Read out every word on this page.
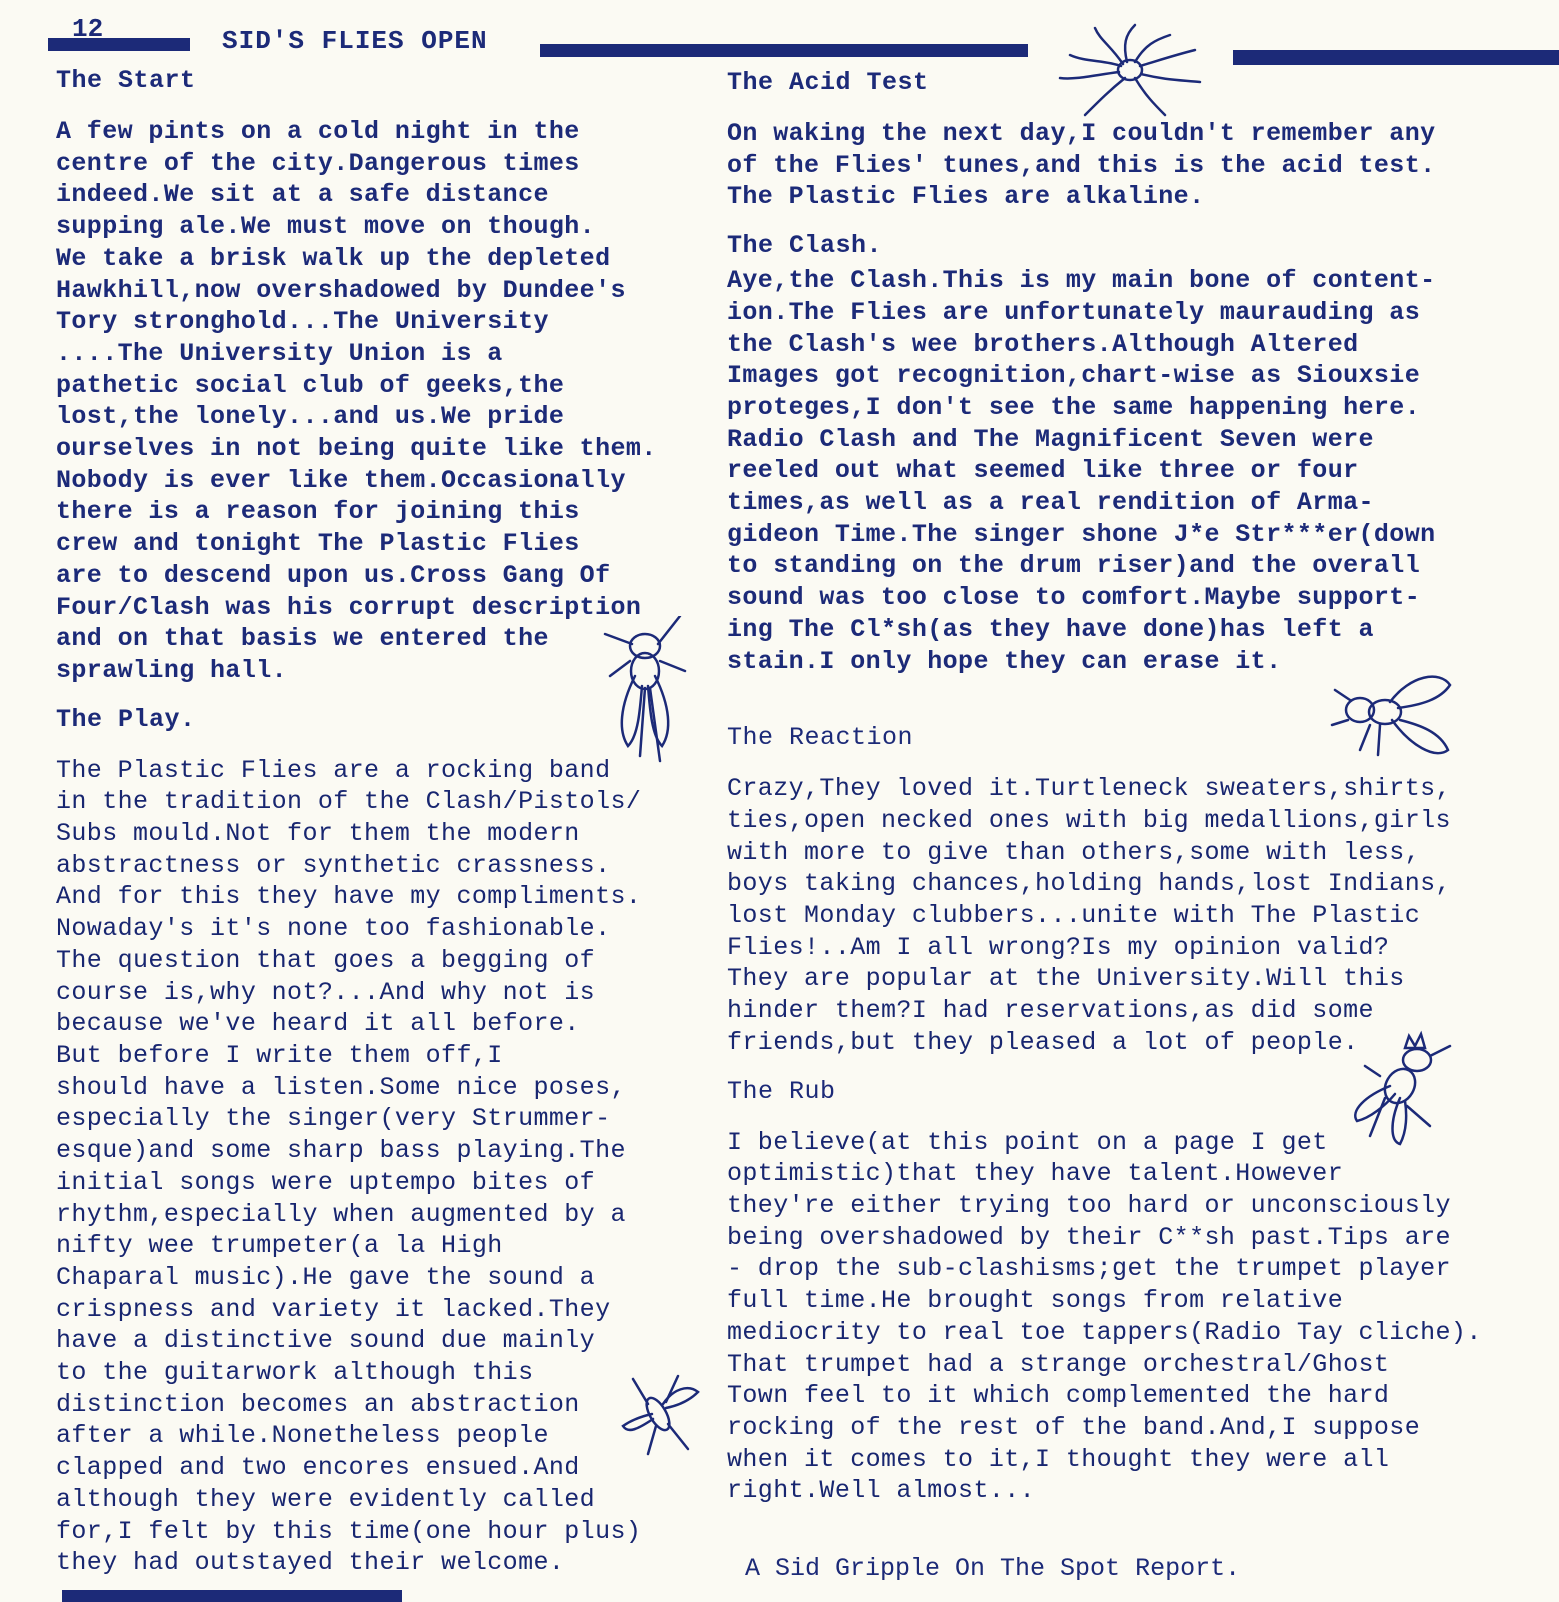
12	SID'S FLIES OPEN
The Start

A few pints on a cold night in the
centre of the city.Dangerous times
indeed.We sit at a safe distance
supping ale.We must move on though.
We take a brisk walk up the depleted
Hawkhill,now overshadowed by Dundee's
Tory stronghold...The University
....The University Union is a
pathetic social club of geeks,the
lost,the lonely...and us.We pride
ourselves in not being quite like them.
Nobody is ever like them.Occasionally
there is a reason for joining this
crew and tonight The Plastic Flies
are to descend upon us.Cross Gang Of
Four/Clash was his corrupt description
and on that basis we entered the
sprawling hall.

The Play.

The Plastic Flies are a rocking band
in the tradition of the Clash/Pistols/
Subs mould.Not for them the modern
abstractness or synthetic crassness.
And for this they have my compliments.
Nowaday's it's none too fashionable.
The question that goes a begging of
course is,why not?...And why not is
because we've heard it all before.
But before I write them off,I
should have a listen.Some nice poses,
especially the singer(very Strummer-
esque)and some sharp bass playing.The
initial songs were uptempo bites of
rhythm,especially when augmented by a
nifty wee trumpeter(a la High
Chaparal music).He gave the sound a
crispness and variety it lacked.They
have a distinctive sound due mainly
to the guitarwork although this
distinction becomes an abstraction
after a while.Nonetheless people
clapped and two encores ensued.And
although they were evidently called
for,I felt by this time(one hour plus)
they had outstayed their welcome.

The Acid Test

On waking the next day,I couldn't remember any
of the Flies' tunes,and this is the acid test.
The Plastic Flies are alkaline.

The Clash.

Aye,the Clash.This is my main bone of content-
ion.The Flies are unfortunately maurauding as
the Clash's wee brothers.Although Altered
Images got recognition,chart-wise as Siouxsie
proteges,I don't see the same happening here.
Radio Clash and The Magnificent Seven were
reeled out what seemed like three or four
times,as well as a real rendition of Arma-
gideon Time.The singer shone J*e Str***er(down
to standing on the drum riser)and the overall
sound was too close to comfort.Maybe support-
ing The Cl*sh(as they have done)has left a
stain.I only hope they can erase it.

The Reaction

Crazy,They loved it.Turtleneck sweaters,shirts,
ties,open necked ones with big medallions,girls
with more to give than others,some with less,
boys taking chances,holding hands,lost Indians,
lost Monday clubbers...unite with The Plastic
Flies!..Am I all wrong?Is my opinion valid?
They are popular at the University.Will this
hinder them?I had reservations,as did some
friends,but they pleased a lot of people.

The Rub

I believe(at this point on a page I get
optimistic)that they have talent.However
they're either trying too hard or unconsciously
being overshadowed by their C**sh past.Tips are
- drop the sub-clashisms;get the trumpet player
full time.He brought songs from relative
mediocrity to real toe tappers(Radio Tay cliche).
That trumpet had a strange orchestral/Ghost
Town feel to it which complemented the hard
rocking of the rest of the band.And,I suppose
when it comes to it,I thought they were all
right.Well almost...

A Sid Gripple On The Spot Report.
